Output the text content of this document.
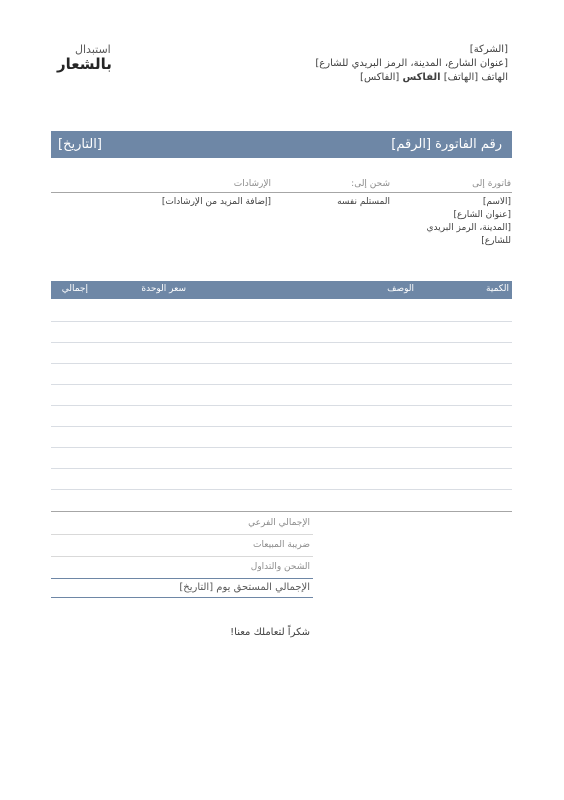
استبدال
بالشعار
[الشركة]
[عنوان الشارع، المدينة، الرمز البريدي للشارع]
الهاتف [الهاتف] الفاكس [الفاكس]
رقم الفاتورة [الرقم]
[التاريخ]
فاتورة إلى
شحن إلى:
الإرشادات
[الاسم]
[عنوان الشارع]
[المدينة، الرمز البريدي
للشارع]
المستلم نفسه
[إضافة المزيد من الإرشادات]
الكمية
الوصف
سعر الوحدة
إجمالي
الإجمالي الفرعي
ضريبة المبيعات
الشحن والتداول
الإجمالي المستحق يوم [التاريخ]
شكراً لتعاملك معنا!
